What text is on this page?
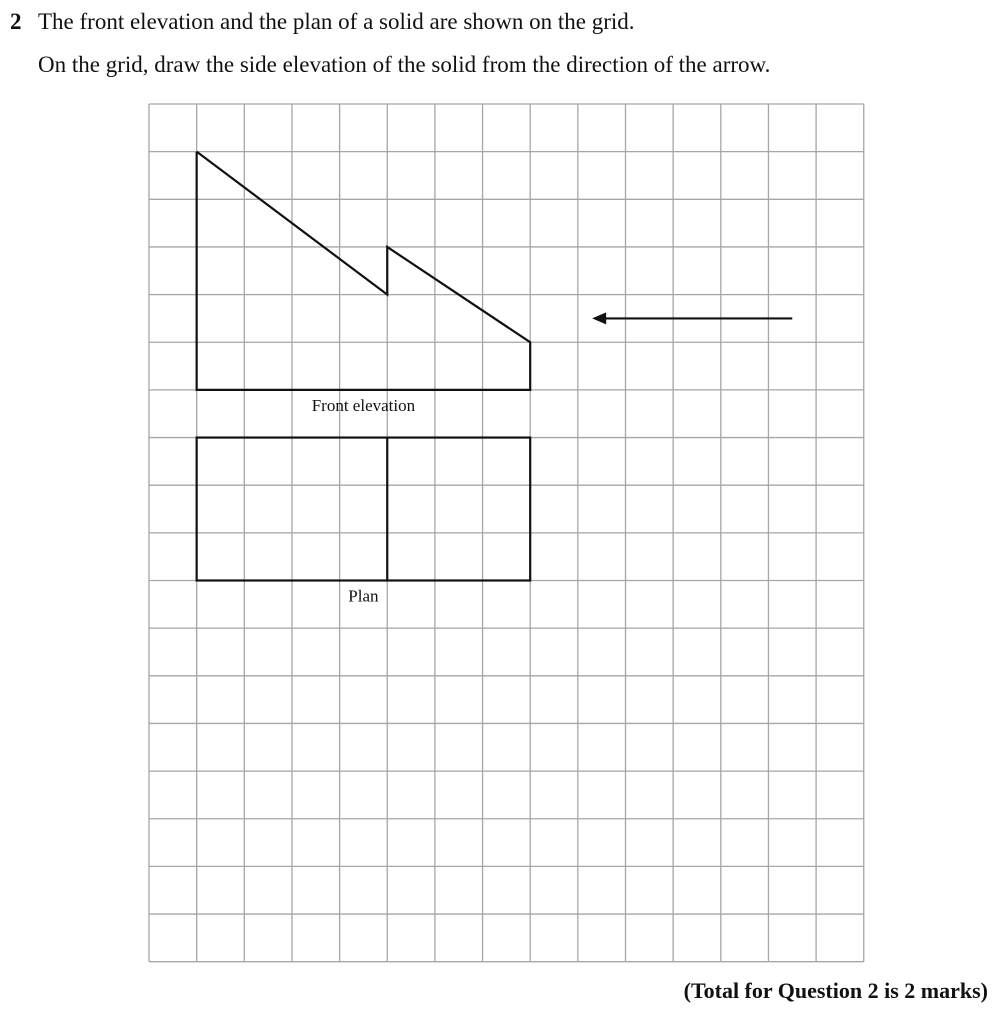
2 The front elevation and the plan of a solid are shown on the grid.
On the grid, draw the side elevation of the solid from the direction of the arrow.
Front elevation
Plan
(Total for Question 2 is 2 marks)
